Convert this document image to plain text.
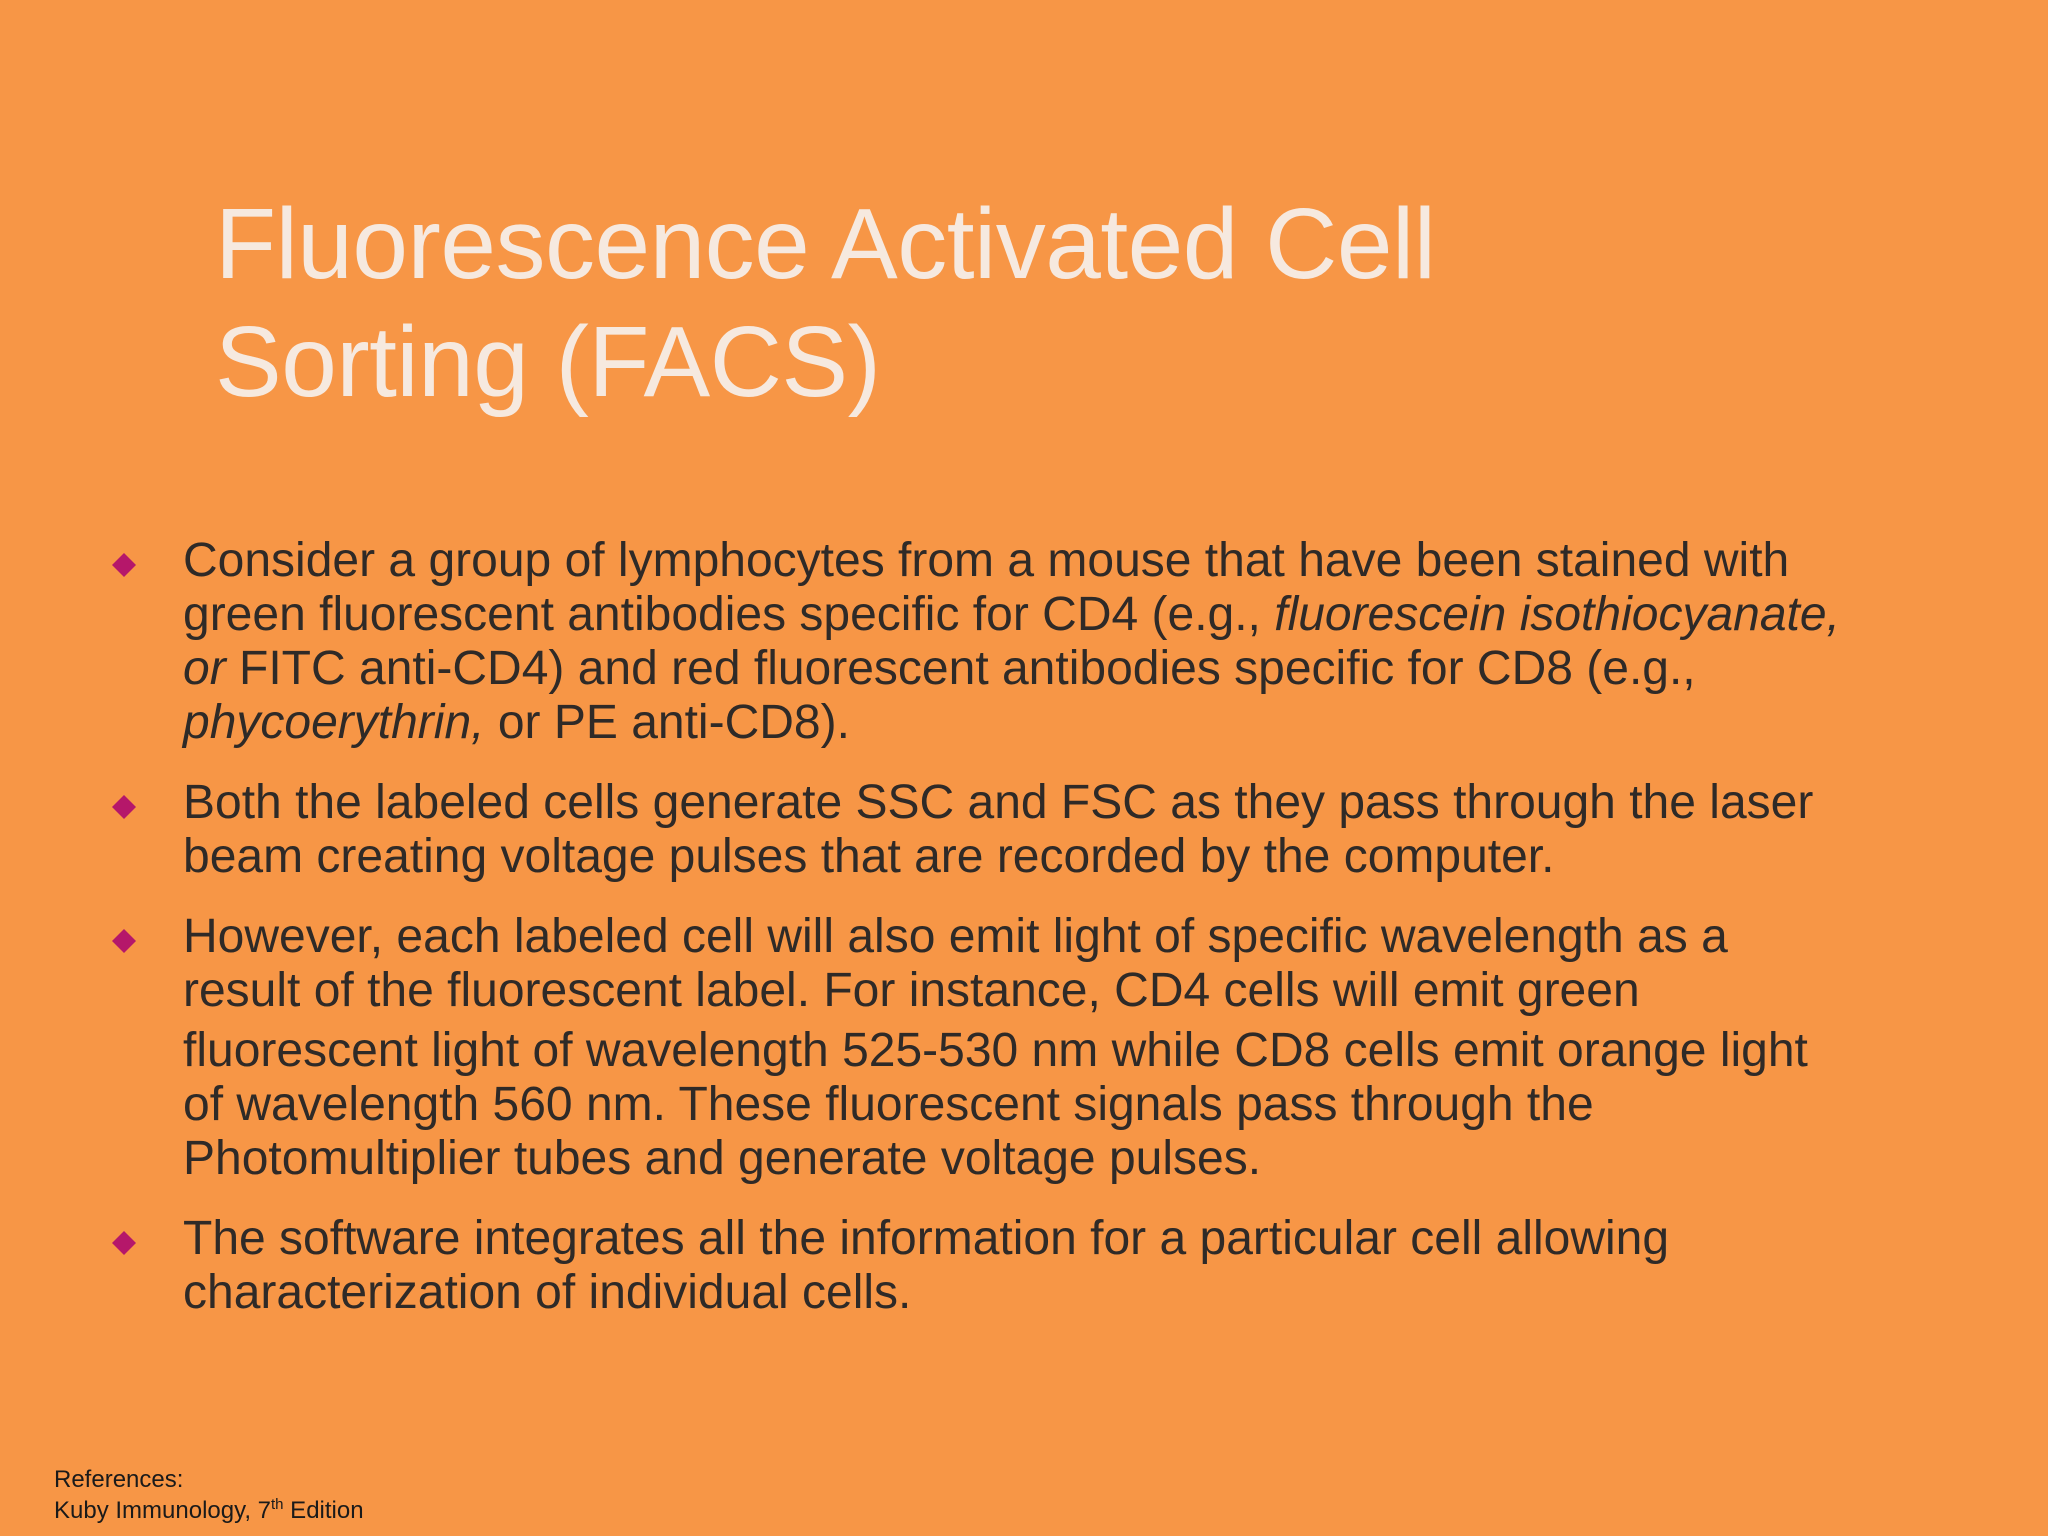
Fluorescence Activated Cell
Sorting (FACS)
Consider a group of lymphocytes from a mouse that have been stained with
green fluorescent antibodies specific for CD4 (e.g., fluorescein isothiocyanate,
or FITC anti-CD4) and red fluorescent antibodies specific for CD8 (e.g.,
phycoerythrin, or PE anti-CD8).
Both the labeled cells generate SSC and FSC as they pass through the laser
beam creating voltage pulses that are recorded by the computer.
However, each labeled cell will also emit light of specific wavelength as a
result of the fluorescent label. For instance, CD4 cells will emit green
fluorescent light of wavelength 525-530 nm while CD8 cells emit orange light
of wavelength 560 nm. These fluorescent signals pass through the
Photomultiplier tubes and generate voltage pulses.
The software integrates all the information for a particular cell allowing
characterization of individual cells.
References:
Kuby Immunology, 7th Edition
